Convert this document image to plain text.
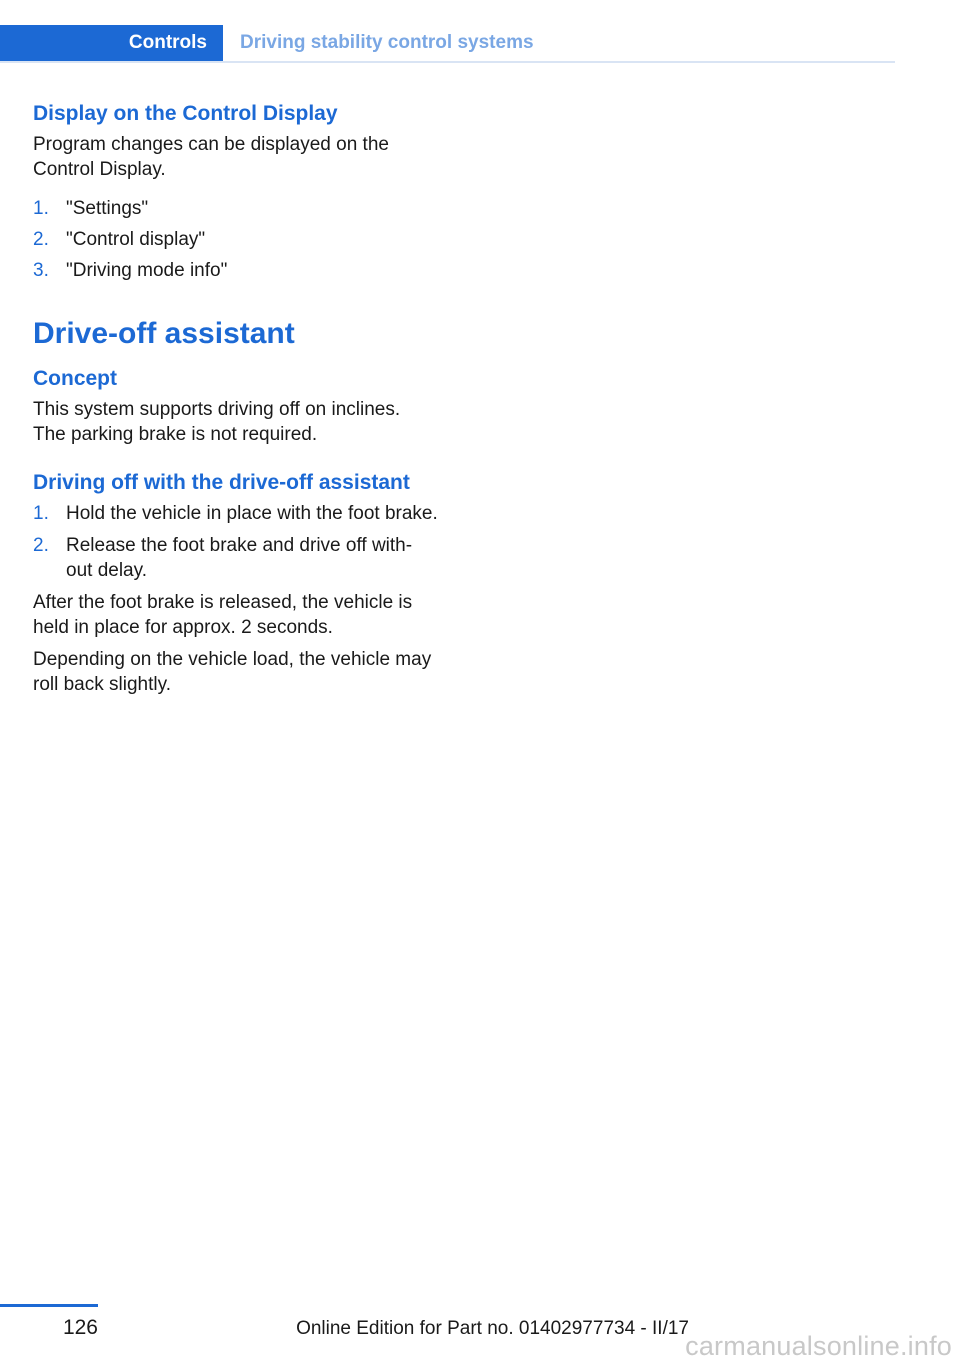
Controls	Driving stability control systems
Display on the Control Display

Program changes can be displayed on the Control Display.

1. "Settings"
2. "Control display"
3. "Driving mode info"
Drive-off assistant
Concept

This system supports driving off on inclines. The parking brake is not required.

Driving off with the drive-off assistant
1. Hold the vehicle in place with the foot brake.
2. Release the foot brake and drive off with-out delay.

After the foot brake is released, the vehicle is held in place for approx. 2 seconds.

Depending on the vehicle load, the vehicle may roll back slightly.

126	Online Edition for Part no. 01402977734 - II/17
carmanualsonline.info
